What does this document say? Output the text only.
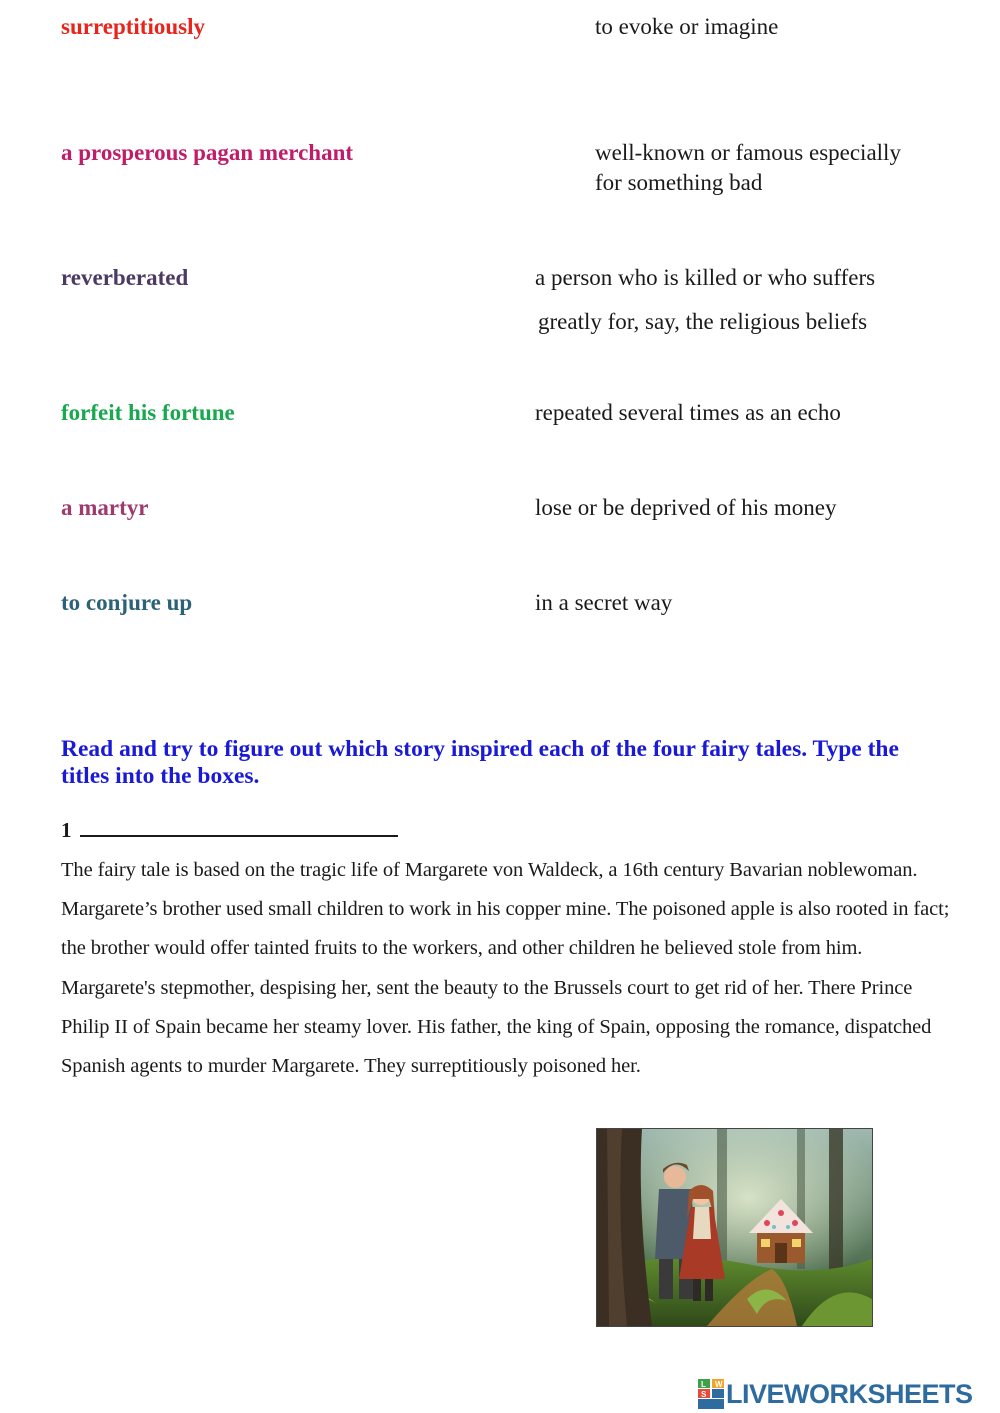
surreptitiously
a prosperous pagan merchant
reverberated
forfeit his fortune
a martyr
to conjure up
to evoke or imagine
well-known or famous especially
for something bad
a person who is killed or who suffers
greatly for, say, the religious beliefs
repeated several times as an echo
lose or be deprived of his money
in a secret way
Read and try to figure out which story inspired each of the four fairy tales. Type the titles into the boxes.
1

The fairy tale is based on the tragic life of Margarete von Waldeck, a 16th century Bavarian noblewoman. Margarete’s brother used small children to work in his copper mine. The poisoned apple is also rooted in fact; the brother would offer tainted fruits to the workers, and other children he believed stole from him.

Margarete's stepmother, despising her, sent the beauty to the Brussels court to get rid of her. There Prince Philip II of Spain became her steamy lover. His father, the king of Spain, opposing the romance, dispatched Spanish agents to murder Margarete. They surreptitiously poisoned her.

L W
S LIVEWORKSHEETS
